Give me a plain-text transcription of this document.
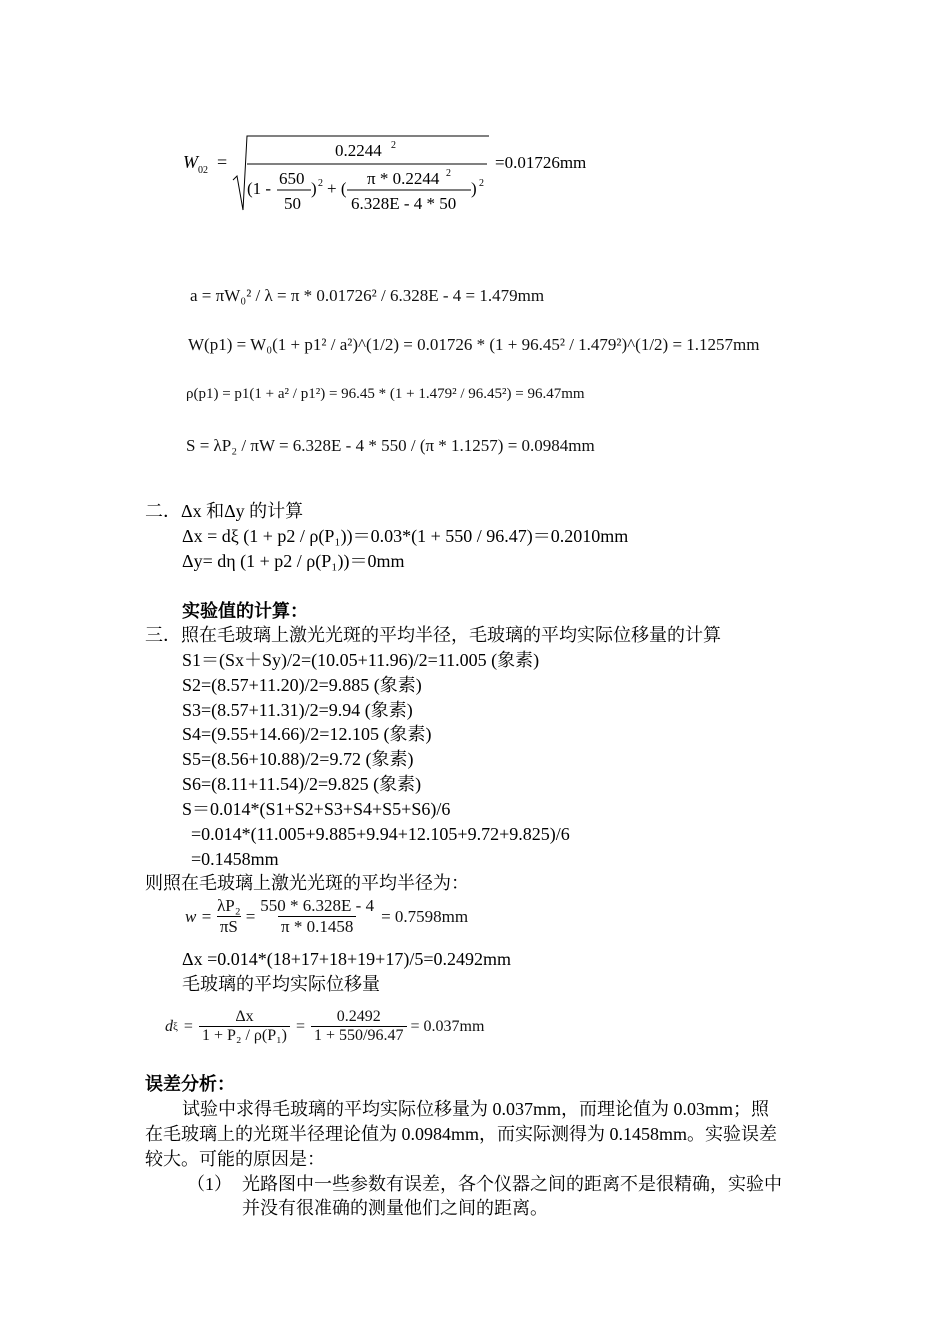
W 02 =
0.2244 2
(1 -
650
50
) 2 + (
π * 0.2244 2
6.328E - 4 * 50
) 2
=0.01726mm
a = πW₀² / λ = π * 0.01726² / 6.328E - 4 = 1.479mm
W(p1) = W₀(1 + p1² / a²)^(1/2) = 0.01726 * (1 + 96.45² / 1.479²)^(1/2) = 1.1257mm
ρ(p1) = p1(1 + a² / p1²) = 96.45 * (1 + 1.479² / 96.45²) = 96.47mm
S = λP₂ / πW = 6.328E - 4 * 550 / (π * 1.1257) = 0.0984mm
二．Δx 和Δy 的计算
Δx = dξ (1 + p2 / ρ(P₁))＝0.03*(1 + 550 / 96.47)＝0.2010mm
Δy= dη (1 + p2 / ρ(P₁))＝0mm
实验值的计算：
三．照在毛玻璃上激光光斑的平均半径，毛玻璃的平均实际位移量的计算
S1＝(Sx＋Sy)/2=(10.05+11.96)/2=11.005 (象素)
S2=(8.57+11.20)/2=9.885 (象素)
S3=(8.57+11.31)/2=9.94 (象素)
S4=(9.55+14.66)/2=12.105 (象素)
S5=(8.56+10.88)/2=9.72 (象素)
S6=(8.11+11.54)/2=9.825 (象素)
S＝0.014*(S1+S2+S3+S4+S5+S6)/6
=0.014*(11.005+9.885+9.94+12.105+9.72+9.825)/6
=0.1458mm
则照在毛玻璃上激光光斑的平均半径为：
$w = \frac{\text{λP₂}}{\pi S} = \frac{550 * 6.328E - 4}{\pi * 0.1458} = 0.7598mm$
Δx =0.014*(18+17+18+19+17)/5=0.2492mm
毛玻璃的平均实际位移量
d $\xi = \frac{\Delta x}{\text{1 + P₂ / ρ(P₁)}} = \frac{0.2492}{1 + 550/96.47} = 0.037mm$
误差分析：
试验中求得毛玻璃的平均实际位移量为 0.037mm，而理论值为 0.03mm；照
在毛玻璃上的光斑半径理论值为 0.0984mm，而实际测得为 0.1458mm。实验误差
较大。可能的原因是：
（1） 光路图中一些参数有误差，各个仪器之间的距离不是很精确，实验中
并没有很准确的测量他们之间的距离。
